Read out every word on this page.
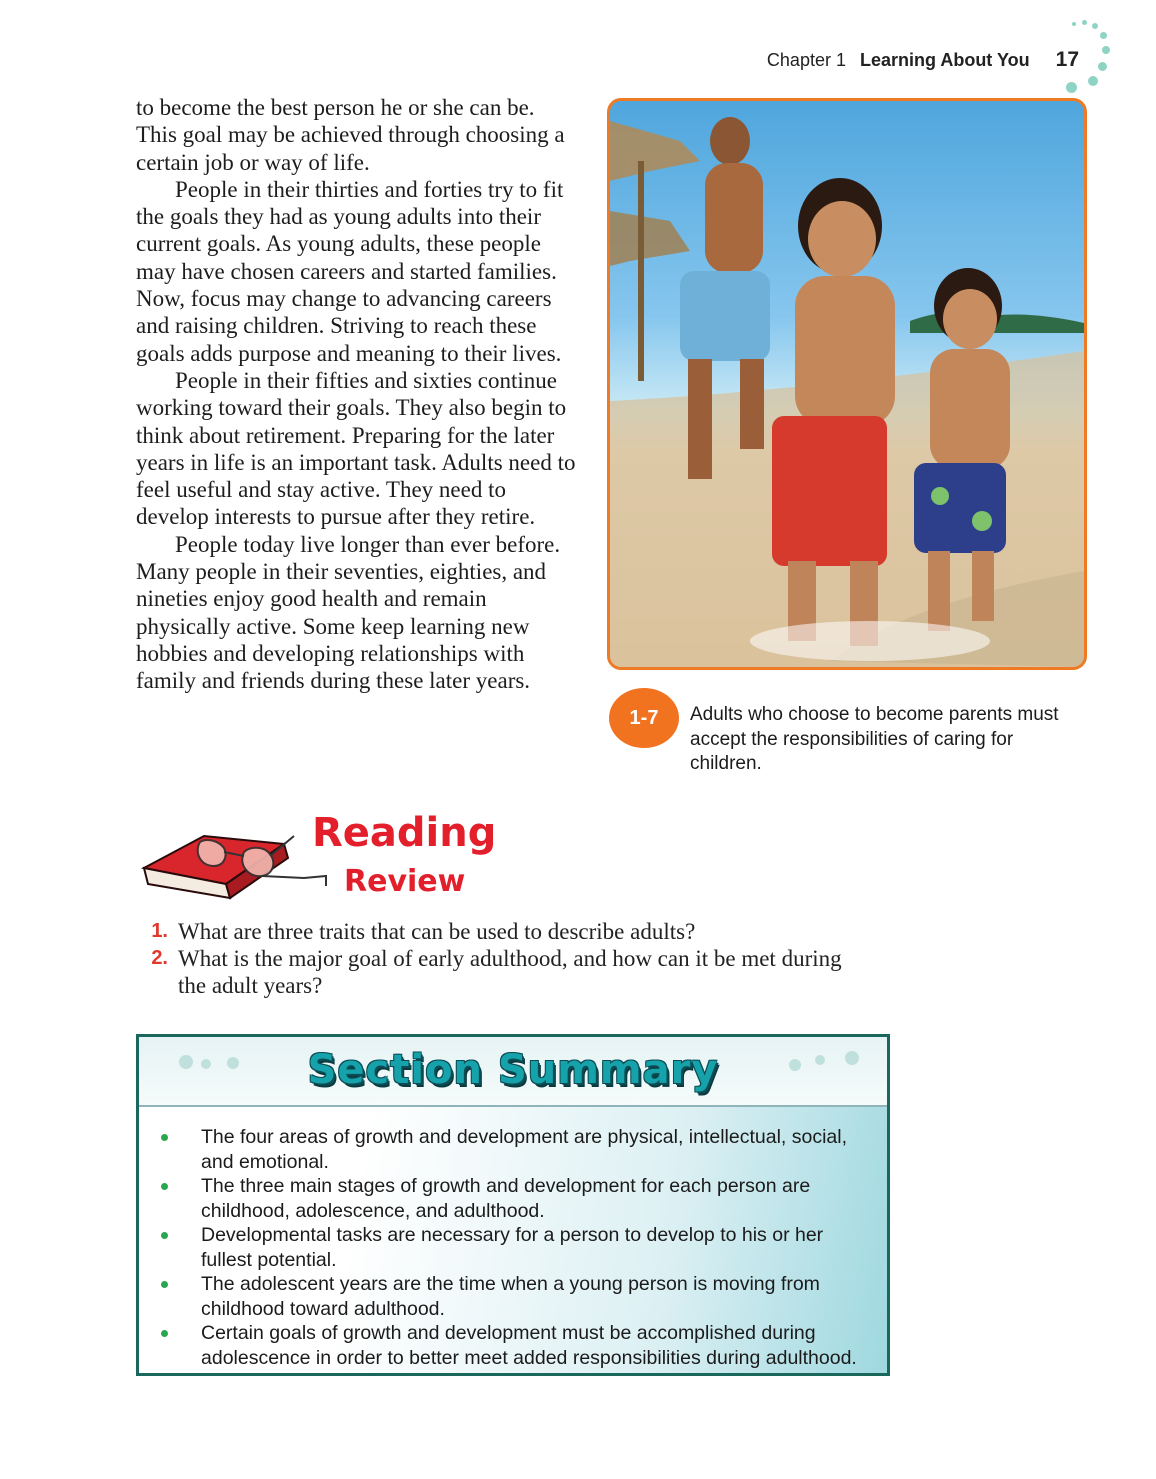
Chapter 1 Learning About You 17

to become the best person he or she can be. This goal may be achieved through choosing a certain job or way of life.

People in their thirties and forties try to fit the goals they had as young adults into their current goals. As young adults, these people may have chosen careers and started families. Now, focus may change to advancing careers and raising children. Striving to reach these goals adds purpose and meaning to their lives.

People in their fifties and sixties continue working toward their goals. They also begin to think about retirement. Preparing for the later years in life is an important task. Adults need to feel useful and stay active. They need to develop interests to pursue after they retire.

People today live longer than ever before. Many people in their seventies, eighties, and nineties enjoy good health and remain physically active. Some keep learning new hobbies and developing relationships with family and friends during these later years.

1-7	Adults who choose to become parents must accept the responsibilities of caring for children.
Reading
Review
1. What are three traits that can be used to describe adults?
2. What is the major goal of early adulthood, and how can it be met during the adult years?
Section Summary
The four areas of growth and development are physical, intellectual, social, and emotional.
The three main stages of growth and development for each person are childhood, adolescence, and adulthood.
Developmental tasks are necessary for a person to develop to his or her fullest potential.
The adolescent years are the time when a young person is moving from childhood toward adulthood.
Certain goals of growth and development must be accomplished during adolescence in order to better meet added responsibilities during adulthood.
